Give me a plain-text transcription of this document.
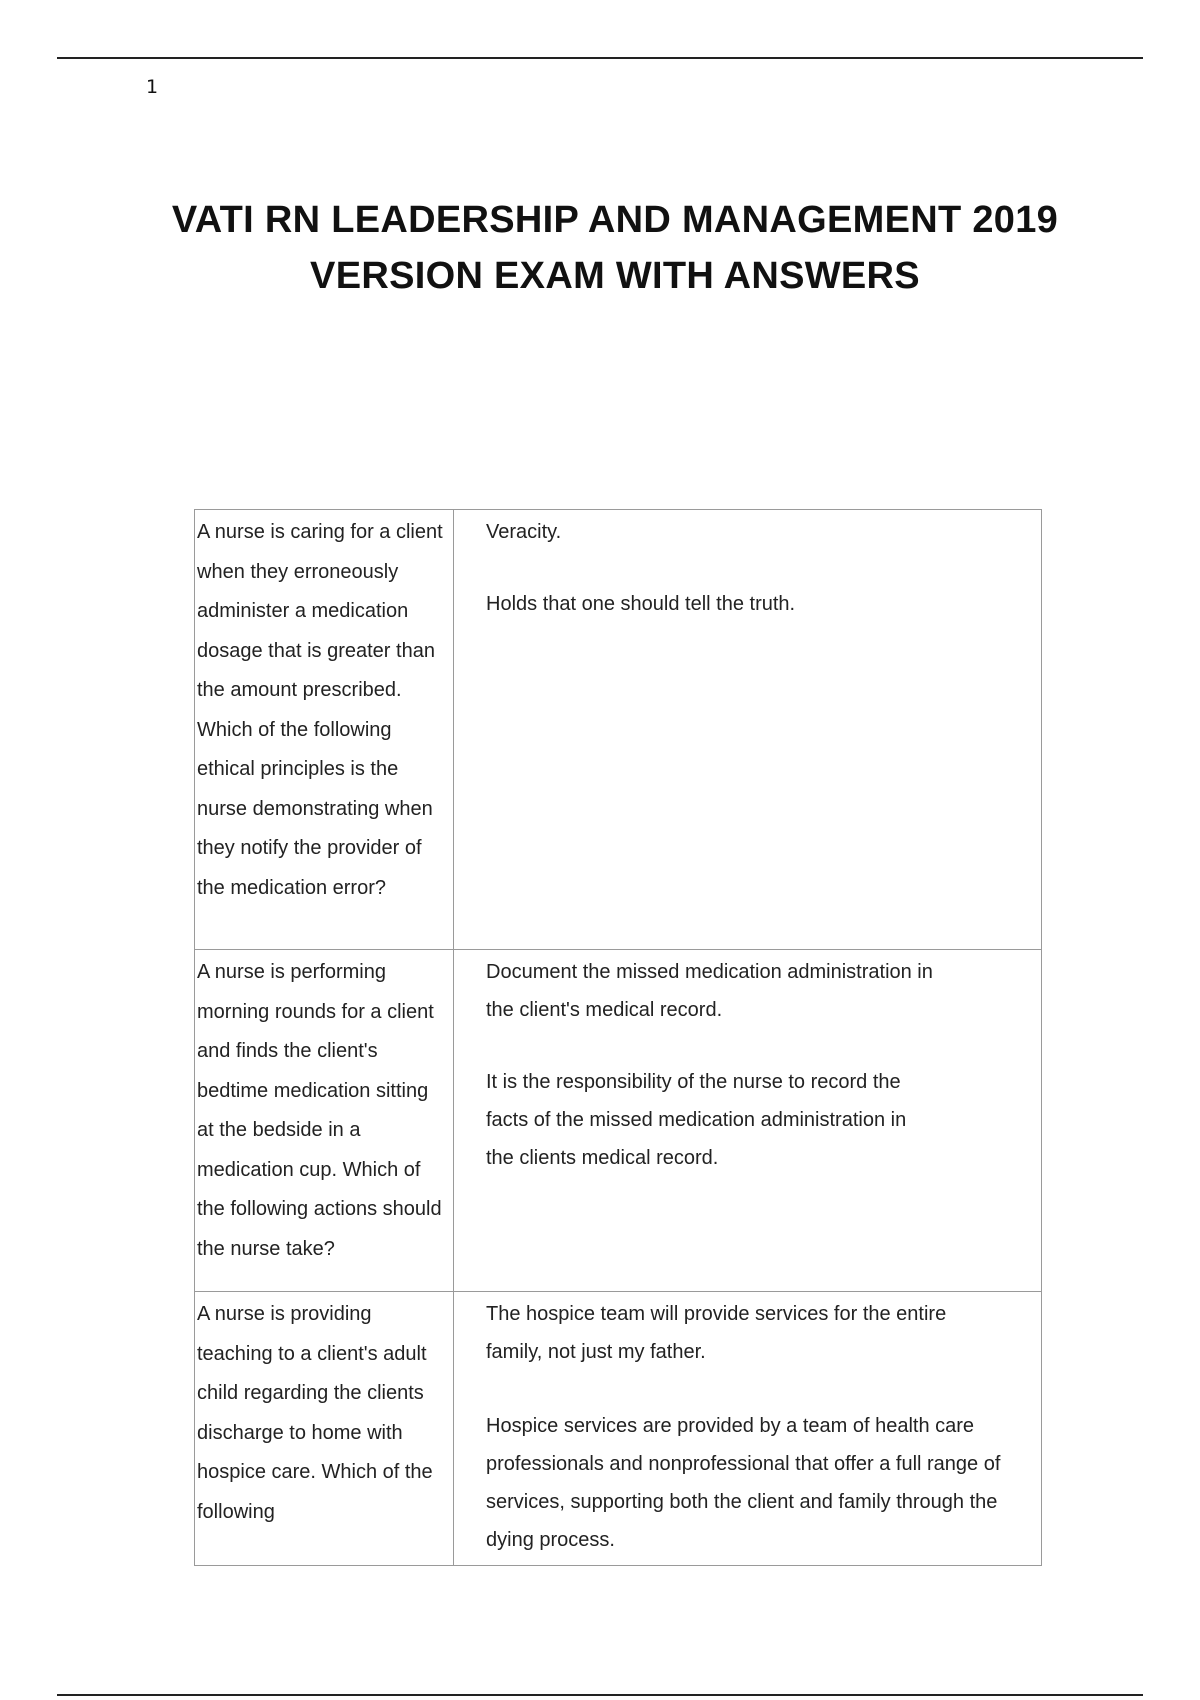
1
VATI RN LEADERSHIP AND MANAGEMENT 2019
VERSION EXAM WITH ANSWERS
A nurse is caring for a client when they erroneously administer a medication dosage that is greater than the amount prescribed. Which of the following ethical principles is the nurse demonstrating when they notify the provider of the medication error?	Veracity.
Holds that one should tell the truth.

A nurse is performing morning rounds for a client and finds the client's bedtime medication sitting at the bedside in a medication cup. Which of the following actions should the nurse take?	Document the missed medication administration in the client's medical record.
It is the responsibility of the nurse to record the facts of the missed medication administration in the clients medical record.

A nurse is providing teaching to a client's adult child regarding the clients discharge to home with hospice care. Which of the following	The hospice team will provide services for the entire family, not just my father.
Hospice services are provided by a team of health care professionals and nonprofessional that offer a full range of services, supporting both the client and family through the dying process.
